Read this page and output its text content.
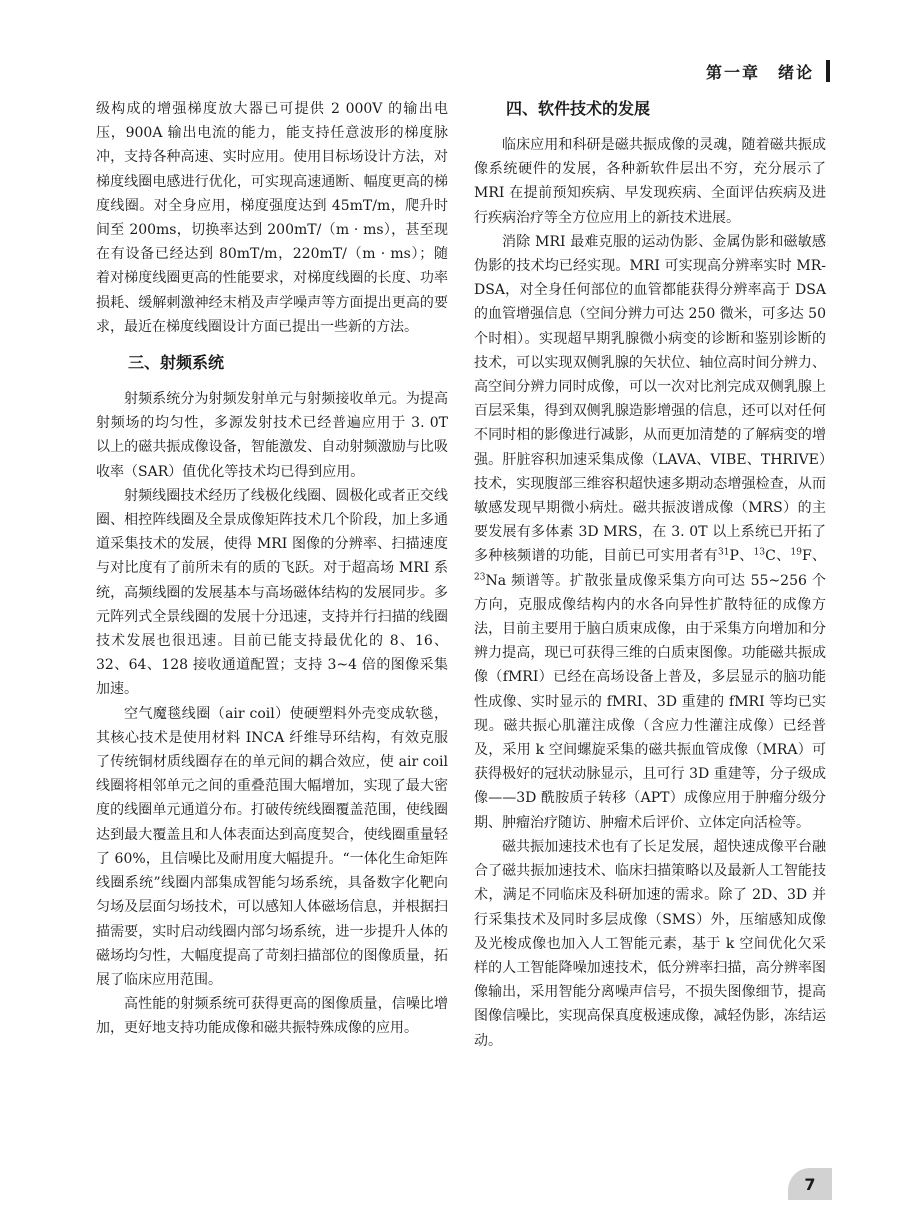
第一章　绪论

级构成的增强梯度放大器已可提供 2 000V 的输出电压，900A 输出电流的能力，能支持任意波形的梯度脉冲，支持各种高速、实时应用。使用目标场设计方法，对梯度线圈电感进行优化，可实现高速通断、幅度更高的梯度线圈。对全身应用，梯度强度达到 45mT/m，爬升时间至 200ms，切换率达到 200mT/（m · ms），甚至现在有设备已经达到 80mT/m，220mT/（m · ms）；随着对梯度线圈更高的性能要求，对梯度线圈的长度、功率损耗、缓解刺激神经末梢及声学噪声等方面提出更高的要求，最近在梯度线圈设计方面已提出一些新的方法。

三、射频系统

射频系统分为射频发射单元与射频接收单元。为提高射频场的均匀性，多源发射技术已经普遍应用于 3. 0T 以上的磁共振成像设备，智能激发、自动射频激励与比吸收率（SAR）值优化等技术均已得到应用。

射频线圈技术经历了线极化线圈、圆极化或者正交线圈、相控阵线圈及全景成像矩阵技术几个阶段，加上多通道采集技术的发展，使得 MRI 图像的分辨率、扫描速度与对比度有了前所未有的质的飞跃。对于超高场 MRI 系统，高频线圈的发展基本与高场磁体结构的发展同步。多元阵列式全景线圈的发展十分迅速，支持并行扫描的线圈技术发展也很迅速。目前已能支持最优化的 8、16、32、64、128 接收通道配置；支持 3~4 倍的图像采集加速。

空气魔毯线圈（air coil）使硬塑料外壳变成软毯，其核心技术是使用材料 INCA 纤维导环结构，有效克服了传统铜材质线圈存在的单元间的耦合效应，使 air coil 线圈将相邻单元之间的重叠范围大幅增加，实现了最大密度的线圈单元通道分布。打破传统线圈覆盖范围，使线圈达到最大覆盖且和人体表面达到高度契合，使线圈重量轻了 60%，且信噪比及耐用度大幅提升。“一体化生命矩阵线圈系统”线圈内部集成智能匀场系统，具备数字化靶向匀场及层面匀场技术，可以感知人体磁场信息，并根据扫描需要，实时启动线圈内部匀场系统，进一步提升人体的磁场均匀性，大幅度提高了苛刻扫描部位的图像质量，拓展了临床应用范围。

高性能的射频系统可获得更高的图像质量，信噪比增加，更好地支持功能成像和磁共振特殊成像的应用。

四、软件技术的发展

临床应用和科研是磁共振成像的灵魂，随着磁共振成像系统硬件的发展，各种新软件层出不穷，充分展示了 MRI 在提前预知疾病、早发现疾病、全面评估疾病及进行疾病治疗等全方位应用上的新技术进展。

消除 MRI 最难克服的运动伪影、金属伪影和磁敏感伪影的技术均已经实现。MRI 可实现高分辨率实时 MR-DSA，对全身任何部位的血管都能获得分辨率高于 DSA 的血管增强信息（空间分辨力可达 250 微米，可多达 50 个时相）。实现超早期乳腺微小病变的诊断和鉴别诊断的技术，可以实现双侧乳腺的矢状位、轴位高时间分辨力、高空间分辨力同时成像，可以一次对比剂完成双侧乳腺上百层采集，得到双侧乳腺造影增强的信息，还可以对任何不同时相的影像进行减影，从而更加清楚的了解病变的增强。肝脏容积加速采集成像（LAVA、VIBE、THRIVE）技术，实现腹部三维容积超快速多期动态增强检查，从而敏感发现早期微小病灶。磁共振波谱成像（MRS）的主要发展有多体素 3D MRS，在 3. 0T 以上系统已开拓了多种核频谱的功能，目前已可实用者有$^{31}$P、$^{13}$C、$^{19}$F、$^{23}$Na 频谱等。扩散张量成像采集方向可达 55~256 个方向，克服成像结构内的水各向异性扩散特征的成像方法，目前主要用于脑白质束成像，由于采集方向增加和分辨力提高，现已可获得三维的白质束图像。功能磁共振成像（fMRI）已经在高场设备上普及，多层显示的脑功能性成像、实时显示的 fMRI、3D 重建的 fMRI 等均已实现。磁共振心肌灌注成像（含应力性灌注成像）已经普及，采用 k 空间螺旋采集的磁共振血管成像（MRA）可获得极好的冠状动脉显示，且可行 3D 重建等，分子级成像——3D 酰胺质子转移（APT）成像应用于肿瘤分级分期、肿瘤治疗随访、肿瘤术后评价、立体定向活检等。

磁共振加速技术也有了长足发展，超快速成像平台融合了磁共振加速技术、临床扫描策略以及最新人工智能技术，满足不同临床及科研加速的需求。除了 2D、3D 并行采集技术及同时多层成像（SMS）外，压缩感知成像及光梭成像也加入人工智能元素，基于 k 空间优化欠采样的人工智能降噪加速技术，低分辨率扫描，高分辨率图像输出，采用智能分离噪声信号，不损失图像细节，提高图像信噪比，实现高保真度极速成像，减轻伪影，冻结运动。

7
